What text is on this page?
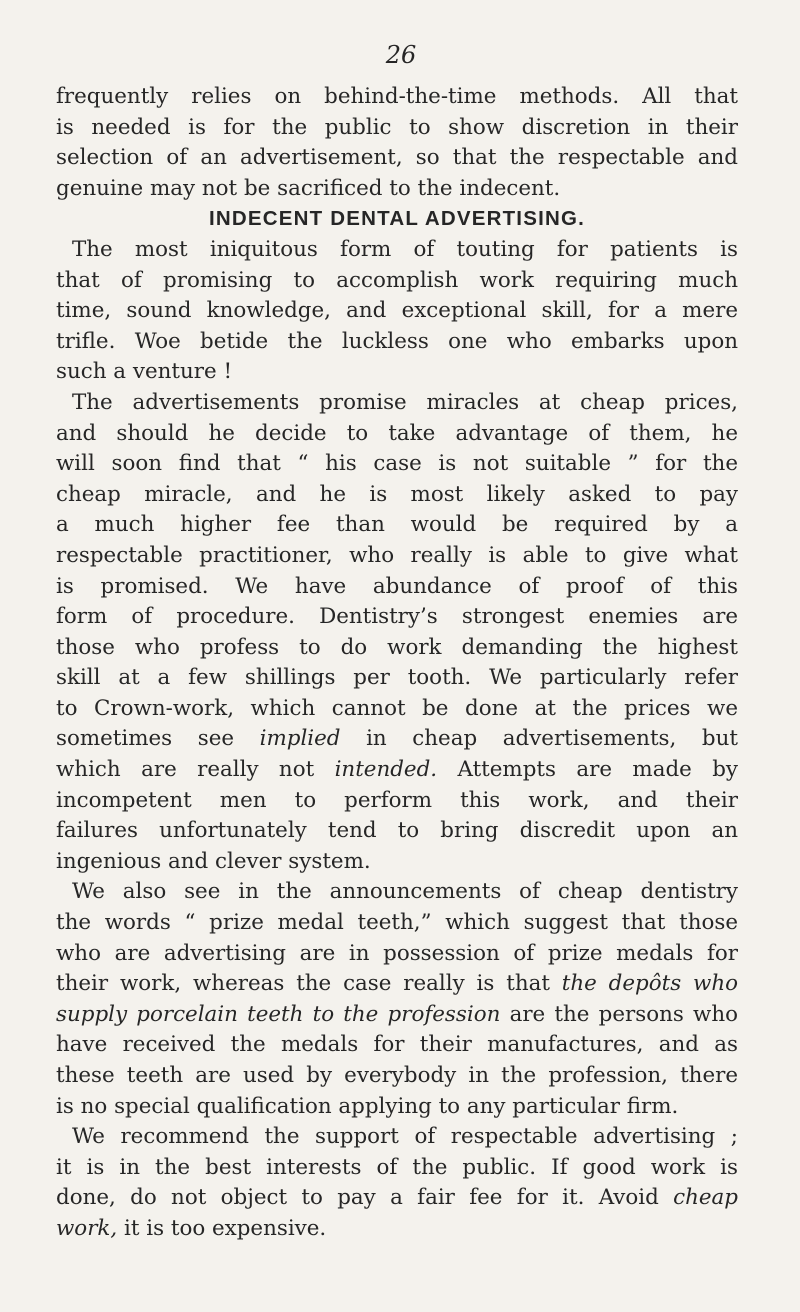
26

frequently relies on behind-the-time methods. All that
is needed is for the public to show discretion in their
selection of an advertisement, so that the respectable and
genuine may not be sacrificed to the indecent.

INDECENT DENTAL ADVERTISING.

The most iniquitous form of touting for patients is
that of promising to accomplish work requiring much
time, sound knowledge, and exceptional skill, for a mere
trifle. Woe betide the luckless one who embarks upon
such a venture !

The advertisements promise miracles at cheap prices,
and should he decide to take advantage of them, he
will soon find that “ his case is not suitable ” for the
cheap miracle, and he is most likely asked to pay
a much higher fee than would be required by a
respectable practitioner, who really is able to give what
is promised. We have abundance of proof of this
form of procedure. Dentistry’s strongest enemies are
those who profess to do work demanding the highest
skill at a few shillings per tooth. We particularly refer
to Crown-work, which cannot be done at the prices we
sometimes see implied in cheap advertisements, but
which are really not intended. Attempts are made by
incompetent men to perform this work, and their
failures unfortunately tend to bring discredit upon an
ingenious and clever system.

We also see in the announcements of cheap dentistry
the words “ prize medal teeth,” which suggest that those
who are advertising are in possession of prize medals for
their work, whereas the case really is that the depôts who
supply porcelain teeth to the profession are the persons who
have received the medals for their manufactures, and as
these teeth are used by everybody in the profession, there
is no special qualification applying to any particular firm.

We recommend the support of respectable advertising ;
it is in the best interests of the public. If good work is
done, do not object to pay a fair fee for it. Avoid cheap
work, it is too expensive.
